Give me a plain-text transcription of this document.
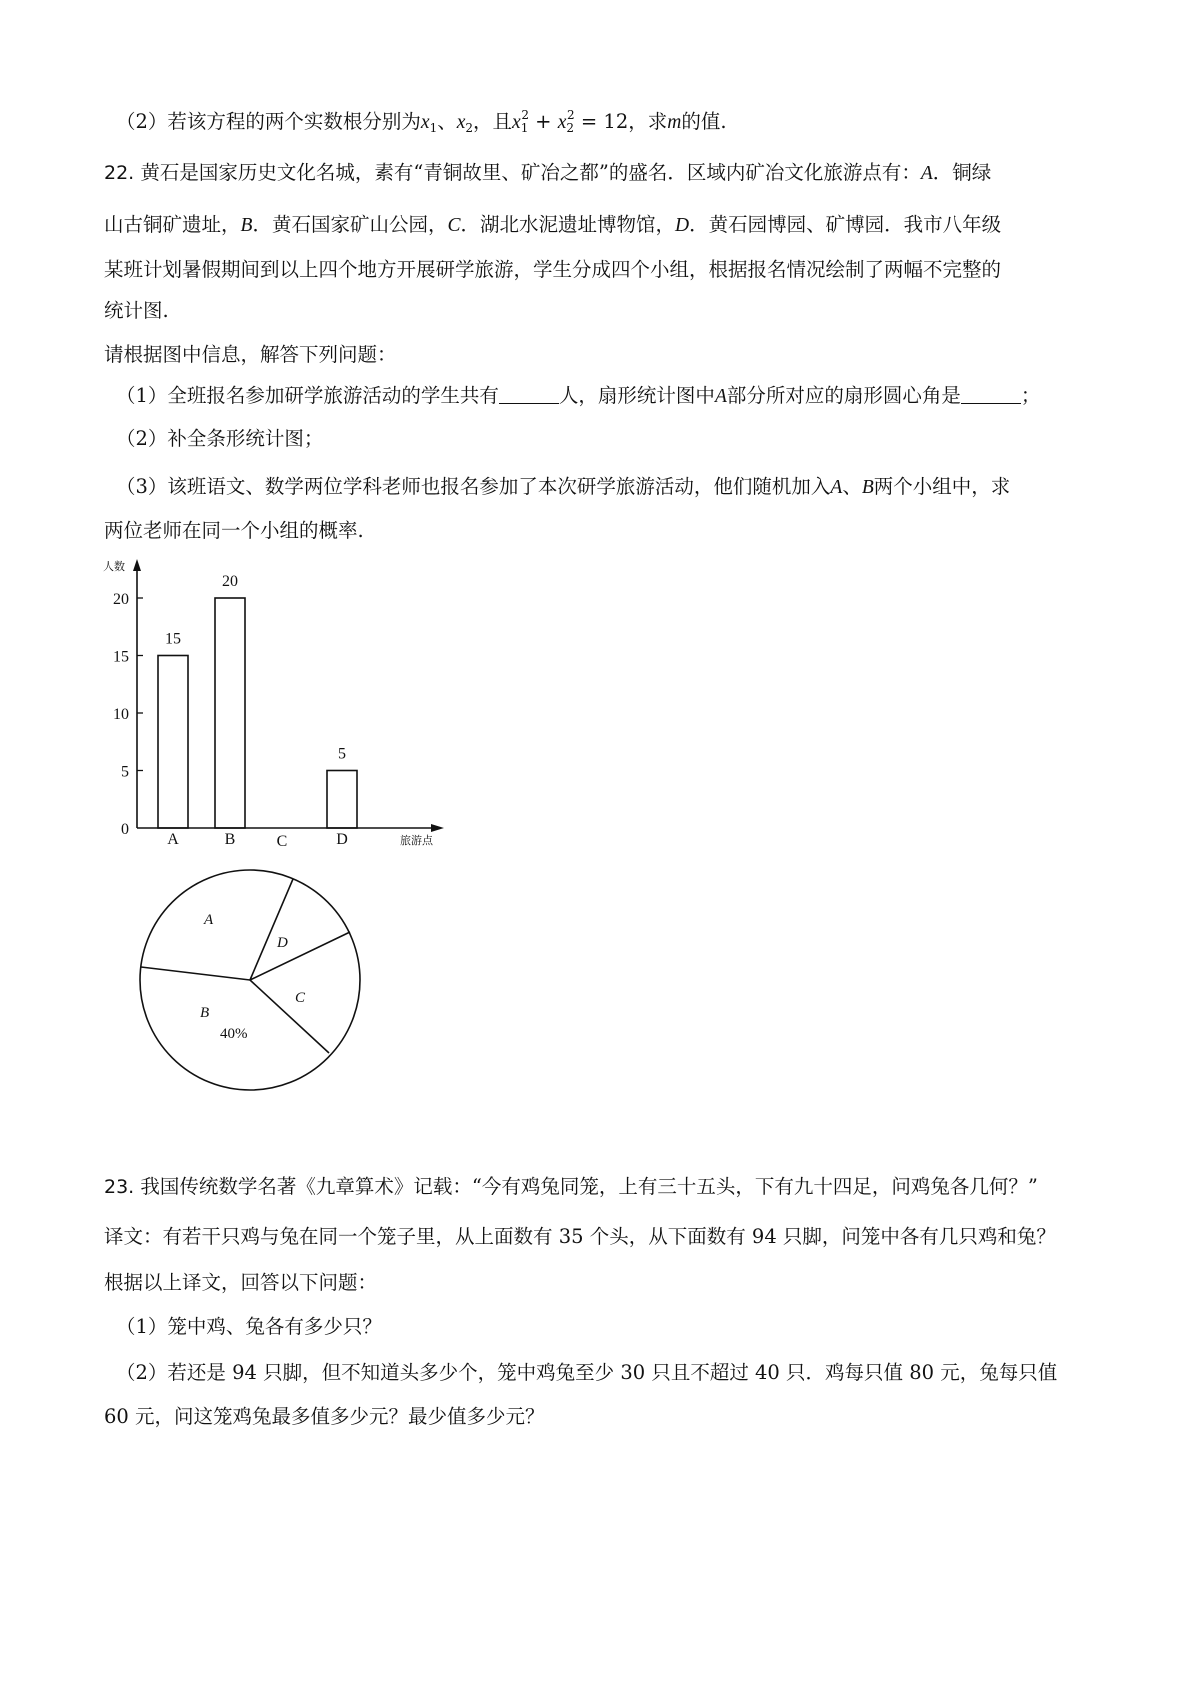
（2）若该方程的两个实数根分别为$x_1$、$x_2$，且$x_1^2 + x_2^2 = 12$，求m的值.
22. 黄石是国家历史文化名城，素有“青铜故里、矿冶之都”的盛名．区域内矿冶文化旅游点有：A．铜绿
山古铜矿遗址，B．黄石国家矿山公园，C．湖北水泥遗址博物馆，D．黄石园博园、矿博园．我市八年级
某班计划暑假期间到以上四个地方开展研学旅游，学生分成四个小组，根据报名情况绘制了两幅不完整的
统计图.
请根据图中信息，解答下列问题：
（1）全班报名参加研学旅游活动的学生共有	人，扇形统计图中A部分所对应的扇形圆心角是	；
（2）补全条形统计图；
（3）该班语文、数学两位学科老师也报名参加了本次研学旅游活动，他们随机加入A、B两个小组中，求
两位老师在同一个小组的概率.
人数
旅游点
0
5
10
15
20
15
A
20
B	C
5
D
A
D
C
B
40%
23. 我国传统数学名著《九章算术》记载：“今有鸡兔同笼，上有三十五头，下有九十四足，问鸡兔各几何？”
译文：有若干只鸡与兔在同一个笼子里，从上面数有 35 个头，从下面数有 94 只脚，问笼中各有几只鸡和兔？
根据以上译文，回答以下问题：
（1）笼中鸡、兔各有多少只？
（2）若还是 94 只脚，但不知道头多少个，笼中鸡兔至少 30 只且不超过 40 只．鸡每只值 80 元，兔每只值
60 元，问这笼鸡兔最多值多少元？最少值多少元？
